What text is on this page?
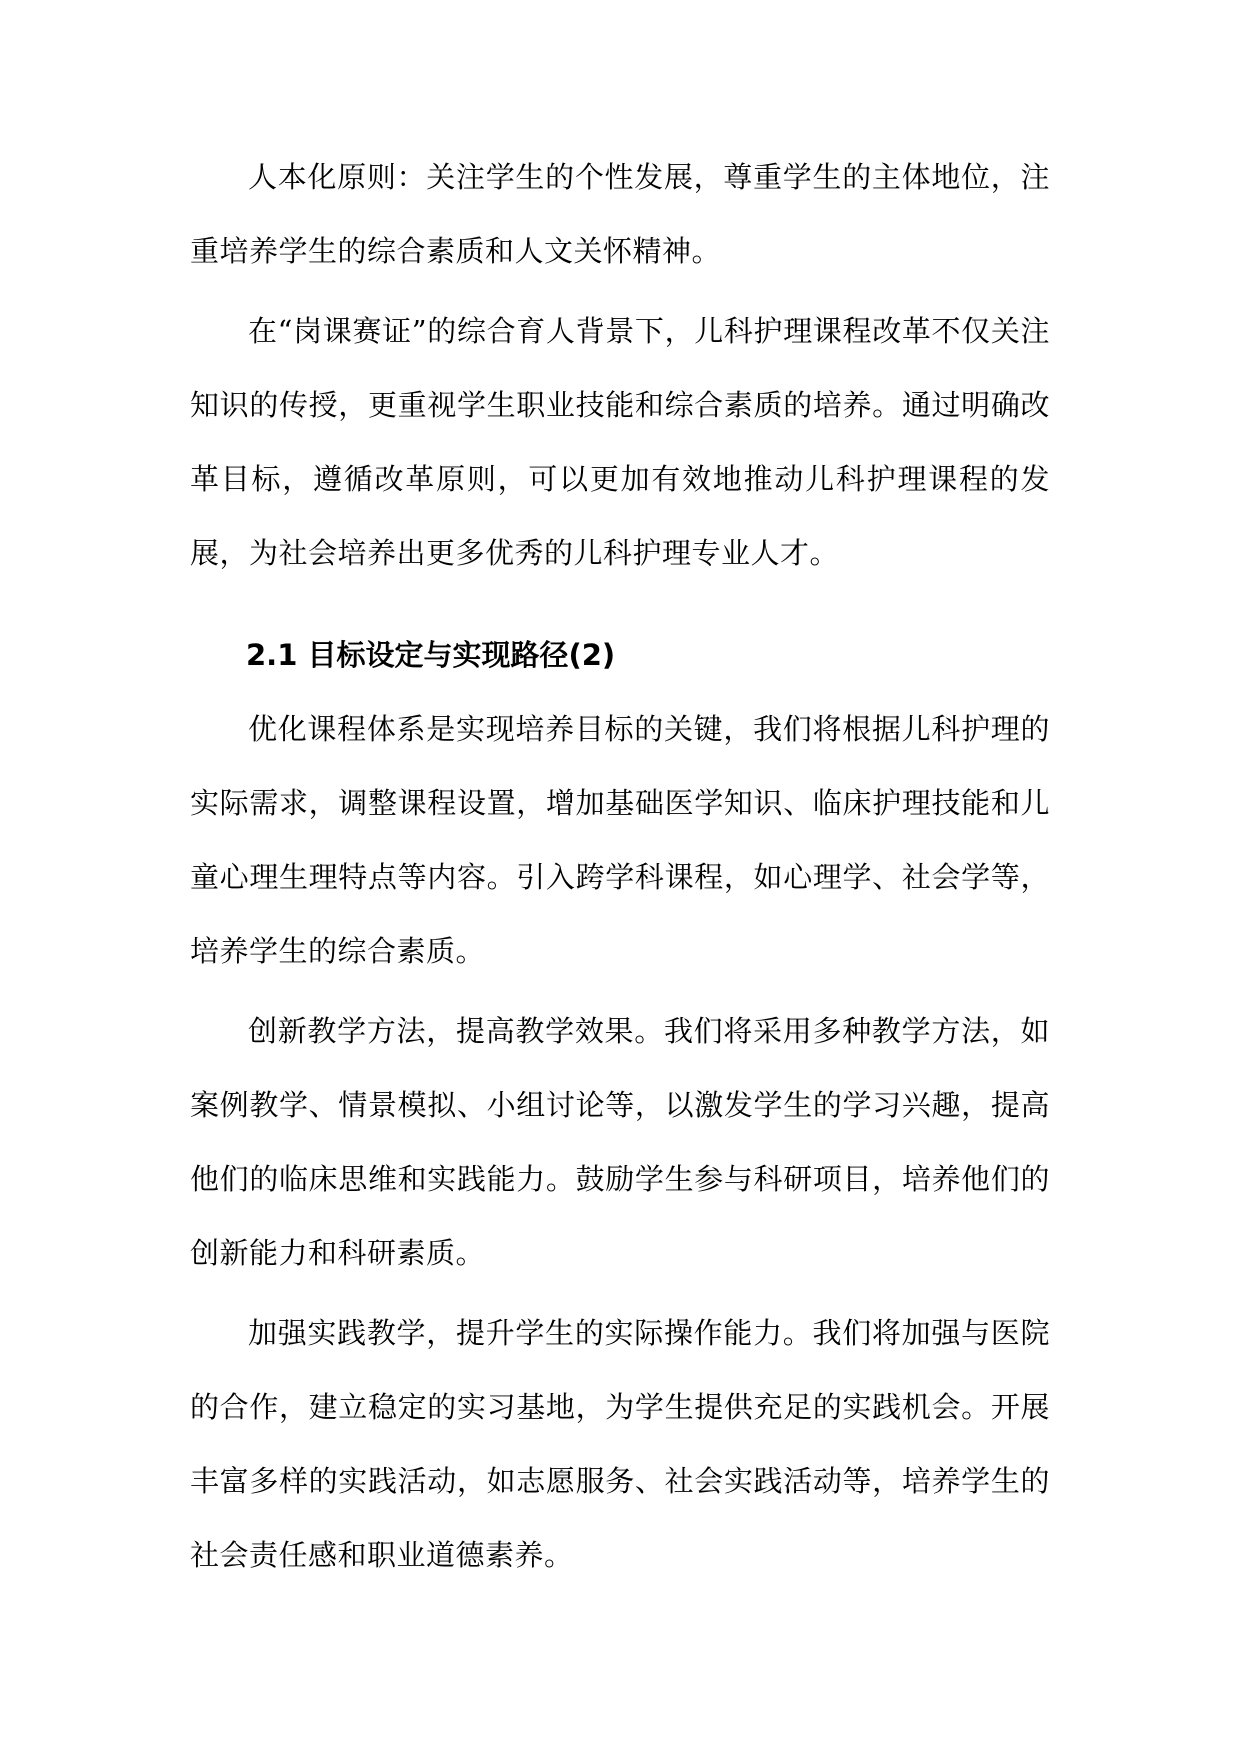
人本化原则：关注学生的个性发展，尊重学生的主体地位，注重培养学生的综合素质和人文关怀精神。

在“岗课赛证”的综合育人背景下，儿科护理课程改革不仅关注知识的传授，更重视学生职业技能和综合素质的培养。通过明确改革目标，遵循改革原则，可以更加有效地推动儿科护理课程的发展，为社会培养出更多优秀的儿科护理专业人才。

2.1 目标设定与实现路径(2)

优化课程体系是实现培养目标的关键，我们将根据儿科护理的实际需求，调整课程设置，增加基础医学知识、临床护理技能和儿童心理生理特点等内容。引入跨学科课程，如心理学、社会学等，培养学生的综合素质。

创新教学方法，提高教学效果。我们将采用多种教学方法，如案例教学、情景模拟、小组讨论等，以激发学生的学习兴趣，提高他们的临床思维和实践能力。鼓励学生参与科研项目，培养他们的创新能力和科研素质。

加强实践教学，提升学生的实际操作能力。我们将加强与医院的合作，建立稳定的实习基地，为学生提供充足的实践机会。开展丰富多样的实践活动，如志愿服务、社会实践活动等，培养学生的社会责任感和职业道德素养。
